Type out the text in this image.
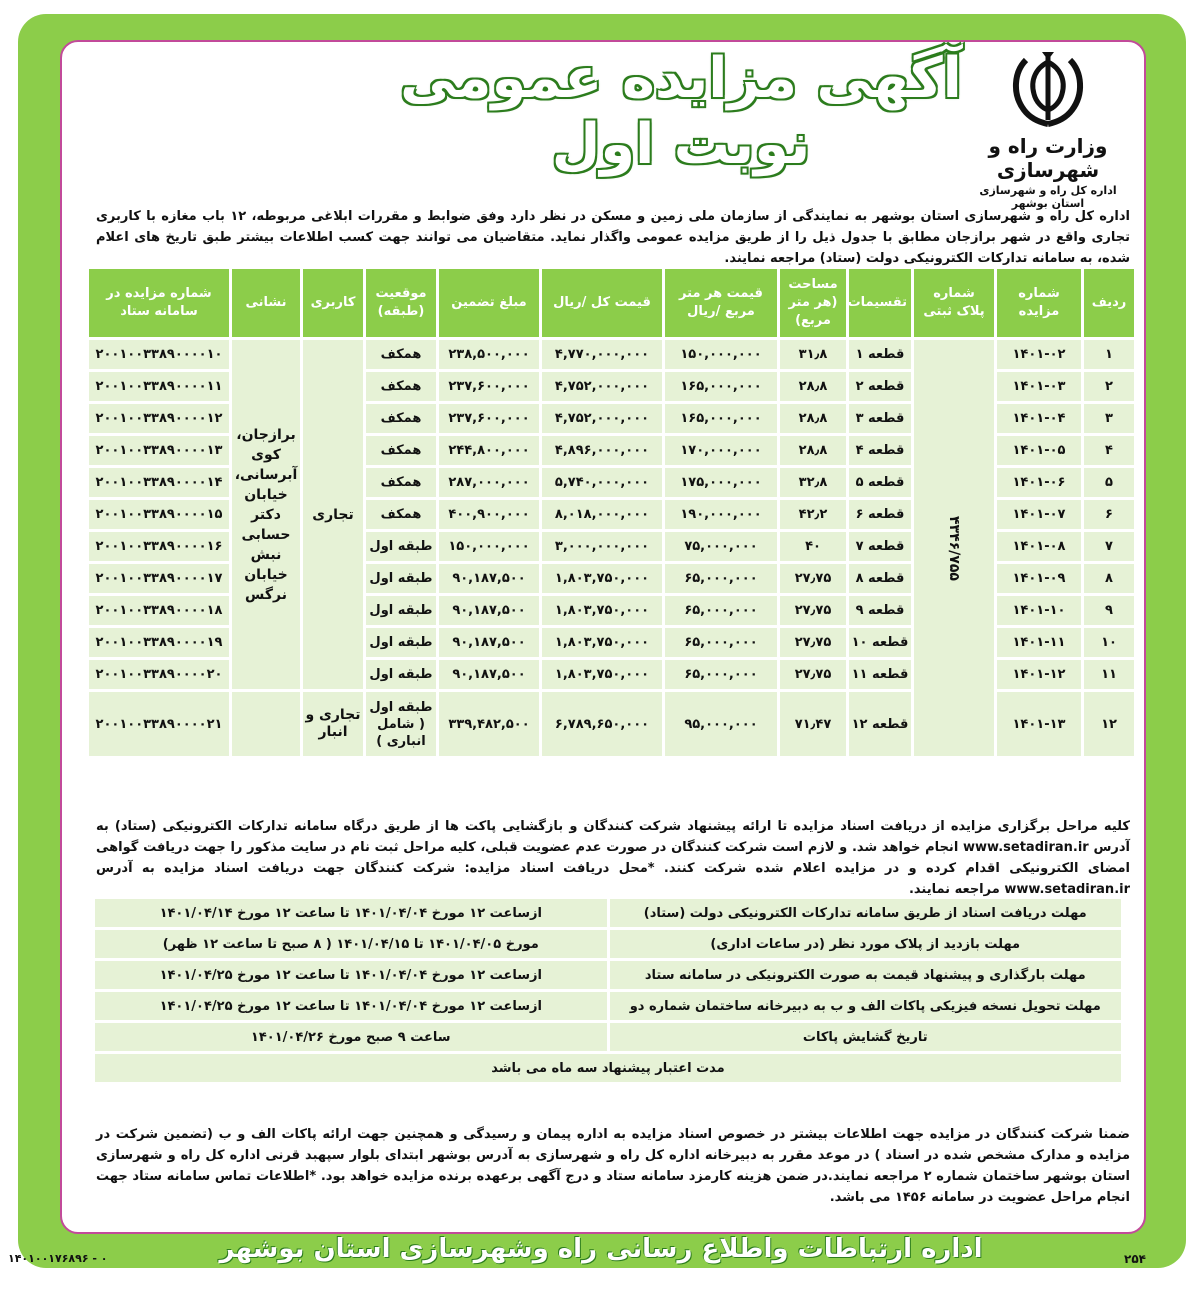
آگهی مزایده عمومی
نوبت اول	وزارت راه و شهرسازی
اداره کل راه و شهرسازی استان بوشهر
اداره کل راه و شهرسازی استان بوشهر به نمایندگی از سازمان ملی زمین و مسکن در نظر دارد وفق ضوابط و مقررات ابلاغی مربوطه، ۱۲ باب مغازه با کاربری تجاری واقع در شهر برازجان مطابق با جدول ذیل را از طریق مزایده عمومی واگذار نماید. متقاضیان می توانند جهت کسب اطلاعات بیشتر طبق تاریخ های اعلام شده، به سامانه تدارکات الکترونیکی دولت (ستاد) مراجعه نمایند.
ردیف	شماره مزایده	شماره پلاک ثبتی	تقسیمات	مساحت (هر متر مربع)	قیمت هر متر مربع /ریال	قیمت کل /ریال	مبلغ تضمین	موقعیت (طبقه)	کاربری	نشانی	شماره مزایده در سامانه ستاد
۱	۱۴۰۱-۰۲	۴۳۴۶/۷۵۵	قطعه ۱	۳۱٫۸	۱۵۰,۰۰۰,۰۰۰	۴,۷۷۰,۰۰۰,۰۰۰	۲۳۸,۵۰۰,۰۰۰	همکف	تجاری	برازجان، کوی آبرسانی، خیابان دکتر حسابی نبش خیابان نرگس	۲۰۰۱۰۰۳۳۸۹۰۰۰۰۱۰
۲	۱۴۰۱-۰۳		قطعه ۲	۲۸٫۸	۱۶۵,۰۰۰,۰۰۰	۴,۷۵۲,۰۰۰,۰۰۰	۲۳۷,۶۰۰,۰۰۰	همکف			۲۰۰۱۰۰۳۳۸۹۰۰۰۰۱۱
۳	۱۴۰۱-۰۴		قطعه ۳	۲۸٫۸	۱۶۵,۰۰۰,۰۰۰	۴,۷۵۲,۰۰۰,۰۰۰	۲۳۷,۶۰۰,۰۰۰	همکف			۲۰۰۱۰۰۳۳۸۹۰۰۰۰۱۲
۴	۱۴۰۱-۰۵		قطعه ۴	۲۸٫۸	۱۷۰,۰۰۰,۰۰۰	۴,۸۹۶,۰۰۰,۰۰۰	۲۴۴,۸۰۰,۰۰۰	همکف			۲۰۰۱۰۰۳۳۸۹۰۰۰۰۱۳
۵	۱۴۰۱-۰۶		قطعه ۵	۳۲٫۸	۱۷۵,۰۰۰,۰۰۰	۵,۷۴۰,۰۰۰,۰۰۰	۲۸۷,۰۰۰,۰۰۰	همکف			۲۰۰۱۰۰۳۳۸۹۰۰۰۰۱۴
۶	۱۴۰۱-۰۷		قطعه ۶	۴۲٫۲	۱۹۰,۰۰۰,۰۰۰	۸,۰۱۸,۰۰۰,۰۰۰	۴۰۰,۹۰۰,۰۰۰	همکف			۲۰۰۱۰۰۳۳۸۹۰۰۰۰۱۵
۷	۱۴۰۱-۰۸		قطعه ۷	۴۰	۷۵,۰۰۰,۰۰۰	۳,۰۰۰,۰۰۰,۰۰۰	۱۵۰,۰۰۰,۰۰۰	طبقه اول			۲۰۰۱۰۰۳۳۸۹۰۰۰۰۱۶
۸	۱۴۰۱-۰۹		قطعه ۸	۲۷٫۷۵	۶۵,۰۰۰,۰۰۰	۱,۸۰۳,۷۵۰,۰۰۰	۹۰,۱۸۷,۵۰۰	طبقه اول			۲۰۰۱۰۰۳۳۸۹۰۰۰۰۱۷
۹	۱۴۰۱-۱۰		قطعه ۹	۲۷٫۷۵	۶۵,۰۰۰,۰۰۰	۱,۸۰۳,۷۵۰,۰۰۰	۹۰,۱۸۷,۵۰۰	طبقه اول			۲۰۰۱۰۰۳۳۸۹۰۰۰۰۱۸
۱۰	۱۴۰۱-۱۱		قطعه ۱۰	۲۷٫۷۵	۶۵,۰۰۰,۰۰۰	۱,۸۰۳,۷۵۰,۰۰۰	۹۰,۱۸۷,۵۰۰	طبقه اول			۲۰۰۱۰۰۳۳۸۹۰۰۰۰۱۹
۱۱	۱۴۰۱-۱۲		قطعه ۱۱	۲۷٫۷۵	۶۵,۰۰۰,۰۰۰	۱,۸۰۳,۷۵۰,۰۰۰	۹۰,۱۸۷,۵۰۰	طبقه اول			۲۰۰۱۰۰۳۳۸۹۰۰۰۰۲۰
۱۲	۱۴۰۱-۱۳		قطعه ۱۲	۷۱٫۴۷	۹۵,۰۰۰,۰۰۰	۶,۷۸۹,۶۵۰,۰۰۰	۳۳۹,۴۸۲,۵۰۰	طبقه اول ( شامل انباری )	تجاری و انبار		۲۰۰۱۰۰۳۳۸۹۰۰۰۰۲۱
کلیه مراحل برگزاری مزایده از دریافت اسناد مزایده تا ارائه پیشنهاد شرکت کنندگان و بازگشایی پاکت ها از طریق درگاه سامانه تدارکات الکترونیکی (ستاد) به آدرس www.setadiran.ir انجام خواهد شد. و لازم است شرکت کنندگان در صورت عدم عضویت قبلی، کلیه مراحل ثبت نام در سایت مذکور را جهت دریافت گواهی امضای الکترونیکی اقدام کرده و در مزایده اعلام شده شرکت کنند. *محل دریافت اسناد مزایده: شرکت کنندگان جهت دریافت اسناد مزایده به آدرس www.setadiran.ir مراجعه نمایند.
مهلت دریافت اسناد از طریق سامانه تدارکات الکترونیکی دولت (ستاد)	ازساعت ۱۲ مورخ ۱۴۰۱/۰۴/۰۴ تا ساعت ۱۲ مورخ ۱۴۰۱/۰۴/۱۴
مهلت بازدید از پلاک مورد نظر (در ساعات اداری)	مورخ ۱۴۰۱/۰۴/۰۵ تا ۱۴۰۱/۰۴/۱۵ ( ۸ صبح تا ساعت ۱۲ ظهر)
مهلت بارگذاری و پیشنهاد قیمت به صورت الکترونیکی در سامانه ستاد	ازساعت ۱۲ مورخ ۱۴۰۱/۰۴/۰۴ تا ساعت ۱۲ مورخ ۱۴۰۱/۰۴/۲۵
مهلت تحویل نسخه فیزیکی پاکات الف و ب به دبیرخانه ساختمان شماره دو	ازساعت ۱۲ مورخ ۱۴۰۱/۰۴/۰۴ تا ساعت ۱۲ مورخ ۱۴۰۱/۰۴/۲۵
تاریخ گشایش پاکات	ساعت ۹ صبح مورخ ۱۴۰۱/۰۴/۲۶
مدت اعتبار پیشنهاد سه ماه می باشد	
ضمنا شرکت کنندگان در مزایده جهت اطلاعات بیشتر در خصوص اسناد مزایده به اداره پیمان و رسیدگی و همچنین جهت ارائه پاکات الف و ب (تضمین شرکت در مزایده و مدارک مشخص شده در اسناد ) در موعد مقرر به دبیرخانه اداره کل راه و شهرسازی به آدرس بوشهر ابتدای بلوار سپهبد قرنی اداره کل راه و شهرسازی استان بوشهر ساختمان شماره ۲ مراجعه نمایند.در ضمن هزینه کارمزد سامانه ستاد و درج آگهی برعهده برنده مزایده خواهد بود. *اطلاعات تماس سامانه ستاد جهت انجام مراحل عضویت در سامانه ۱۴۵۶ می باشد.
اداره ارتباطات واطلاع رسانی راه وشهرسازی استان بوشهر	۲۵۴
۱۴۰۱۰۰۱۷۶۸۹۶ - ۰
